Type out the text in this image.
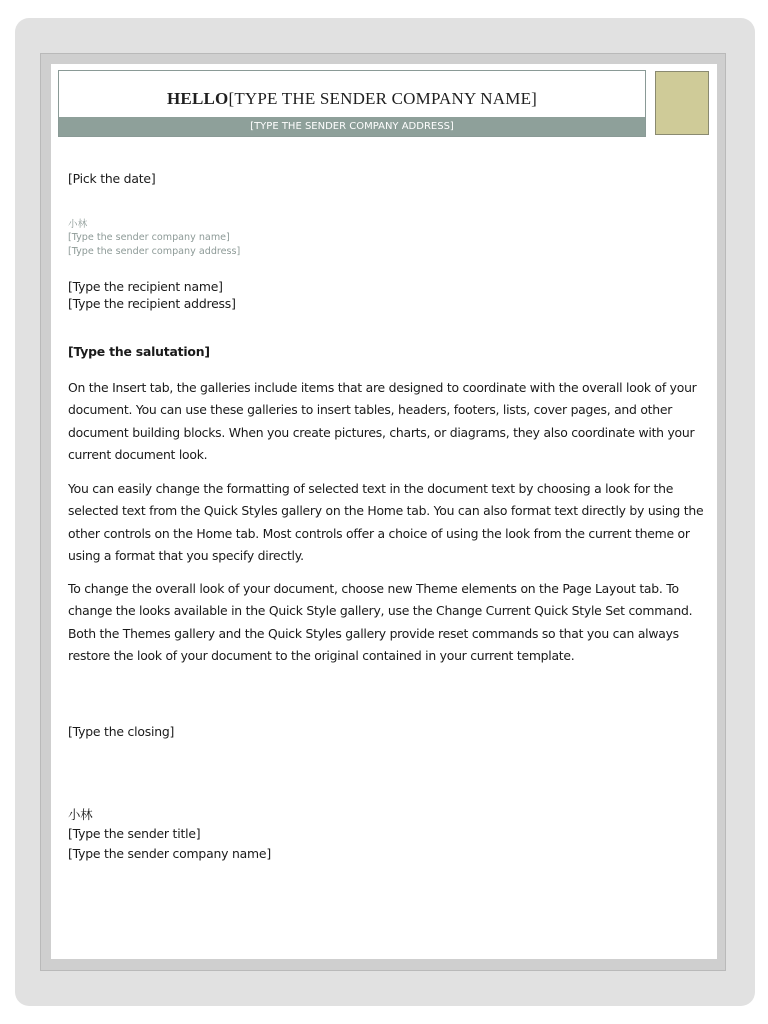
HELLO[TYPE THE SENDER COMPANY NAME]
[TYPE THE SENDER COMPANY ADDRESS]
[Pick the date]
小林
[Type the sender company name]
[Type the sender company address]
[Type the recipient name]
[Type the recipient address]
[Type the salutation]
On the Insert tab, the galleries include items that are designed to coordinate with the overall look of your document. You can use these galleries to insert tables, headers, footers, lists, cover pages, and other document building blocks. When you create pictures, charts, or diagrams, they also coordinate with your current document look.
You can easily change the formatting of selected text in the document text by choosing a look for the selected text from the Quick Styles gallery on the Home tab. You can also format text directly by using the other controls on the Home tab. Most controls offer a choice of using the look from the current theme or using a format that you specify directly.
To change the overall look of your document, choose new Theme elements on the Page Layout tab. To change the looks available in the Quick Style gallery, use the Change Current Quick Style Set command. Both the Themes gallery and the Quick Styles gallery provide reset commands so that you can always restore the look of your document to the original contained in your current template.
[Type the closing]
小林
[Type the sender title]
[Type the sender company name]
